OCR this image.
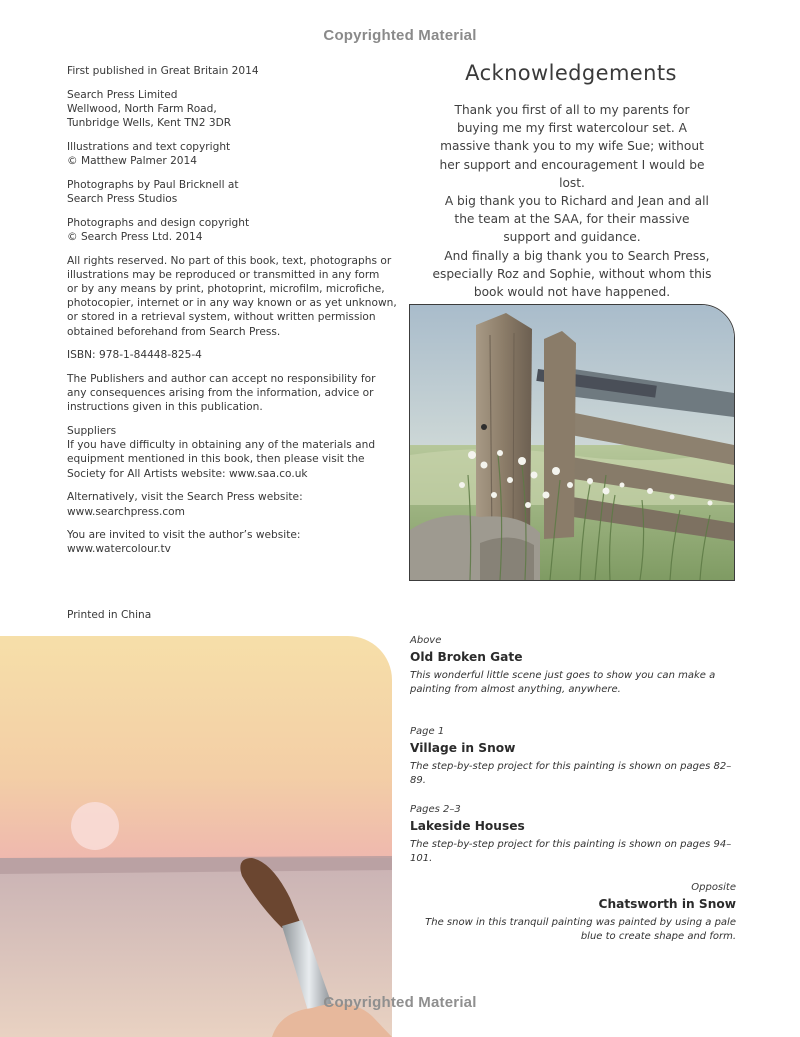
Copyrighted Material

First published in Great Britain 2014

Search Press Limited
Wellwood, North Farm Road,
Tunbridge Wells, Kent TN2 3DR

Illustrations and text copyright
© Matthew Palmer 2014

Photographs by Paul Bricknell at
Search Press Studios

Photographs and design copyright
© Search Press Ltd. 2014

All rights reserved. No part of this book, text, photographs or
illustrations may be reproduced or transmitted in any form
or by any means by print, photoprint, microfilm, microfiche,
photocopier, internet or in any way known or as yet unknown,
or stored in a retrieval system, without written permission
obtained beforehand from Search Press.

ISBN: 978-1-84448-825-4

The Publishers and author can accept no responsibility for
any consequences arising from the information, advice or
instructions given in this publication.

Suppliers
If you have difficulty in obtaining any of the materials and
equipment mentioned in this book, then please visit the
Society for All Artists website: www.saa.co.uk

Alternatively, visit the Search Press website:
www.searchpress.com

You are invited to visit the author’s website: www.watercolour.tv

Printed in China
Acknowledgements

Thank you first of all to my parents for buying me my first watercolour set. A massive thank you to my wife Sue; without her support and encouragement I would be lost.

A big thank you to Richard and Jean and all the team at the SAA, for their massive support and guidance.

And finally a big thank you to Search Press, especially Roz and Sophie, without whom this book would not have happened.

Above
Old Broken Gate
This wonderful little scene just goes to show you can make a painting from almost anything, anywhere.
Page 1
Village in Snow
The step-by-step project for this painting is shown on pages 82–89.
Pages 2–3
Lakeside Houses
The step-by-step project for this painting is shown on pages 94–101.
Opposite
Chatsworth in Snow
The snow in this tranquil painting was painted by using a pale blue to create shape and form.
Copyrighted Material
